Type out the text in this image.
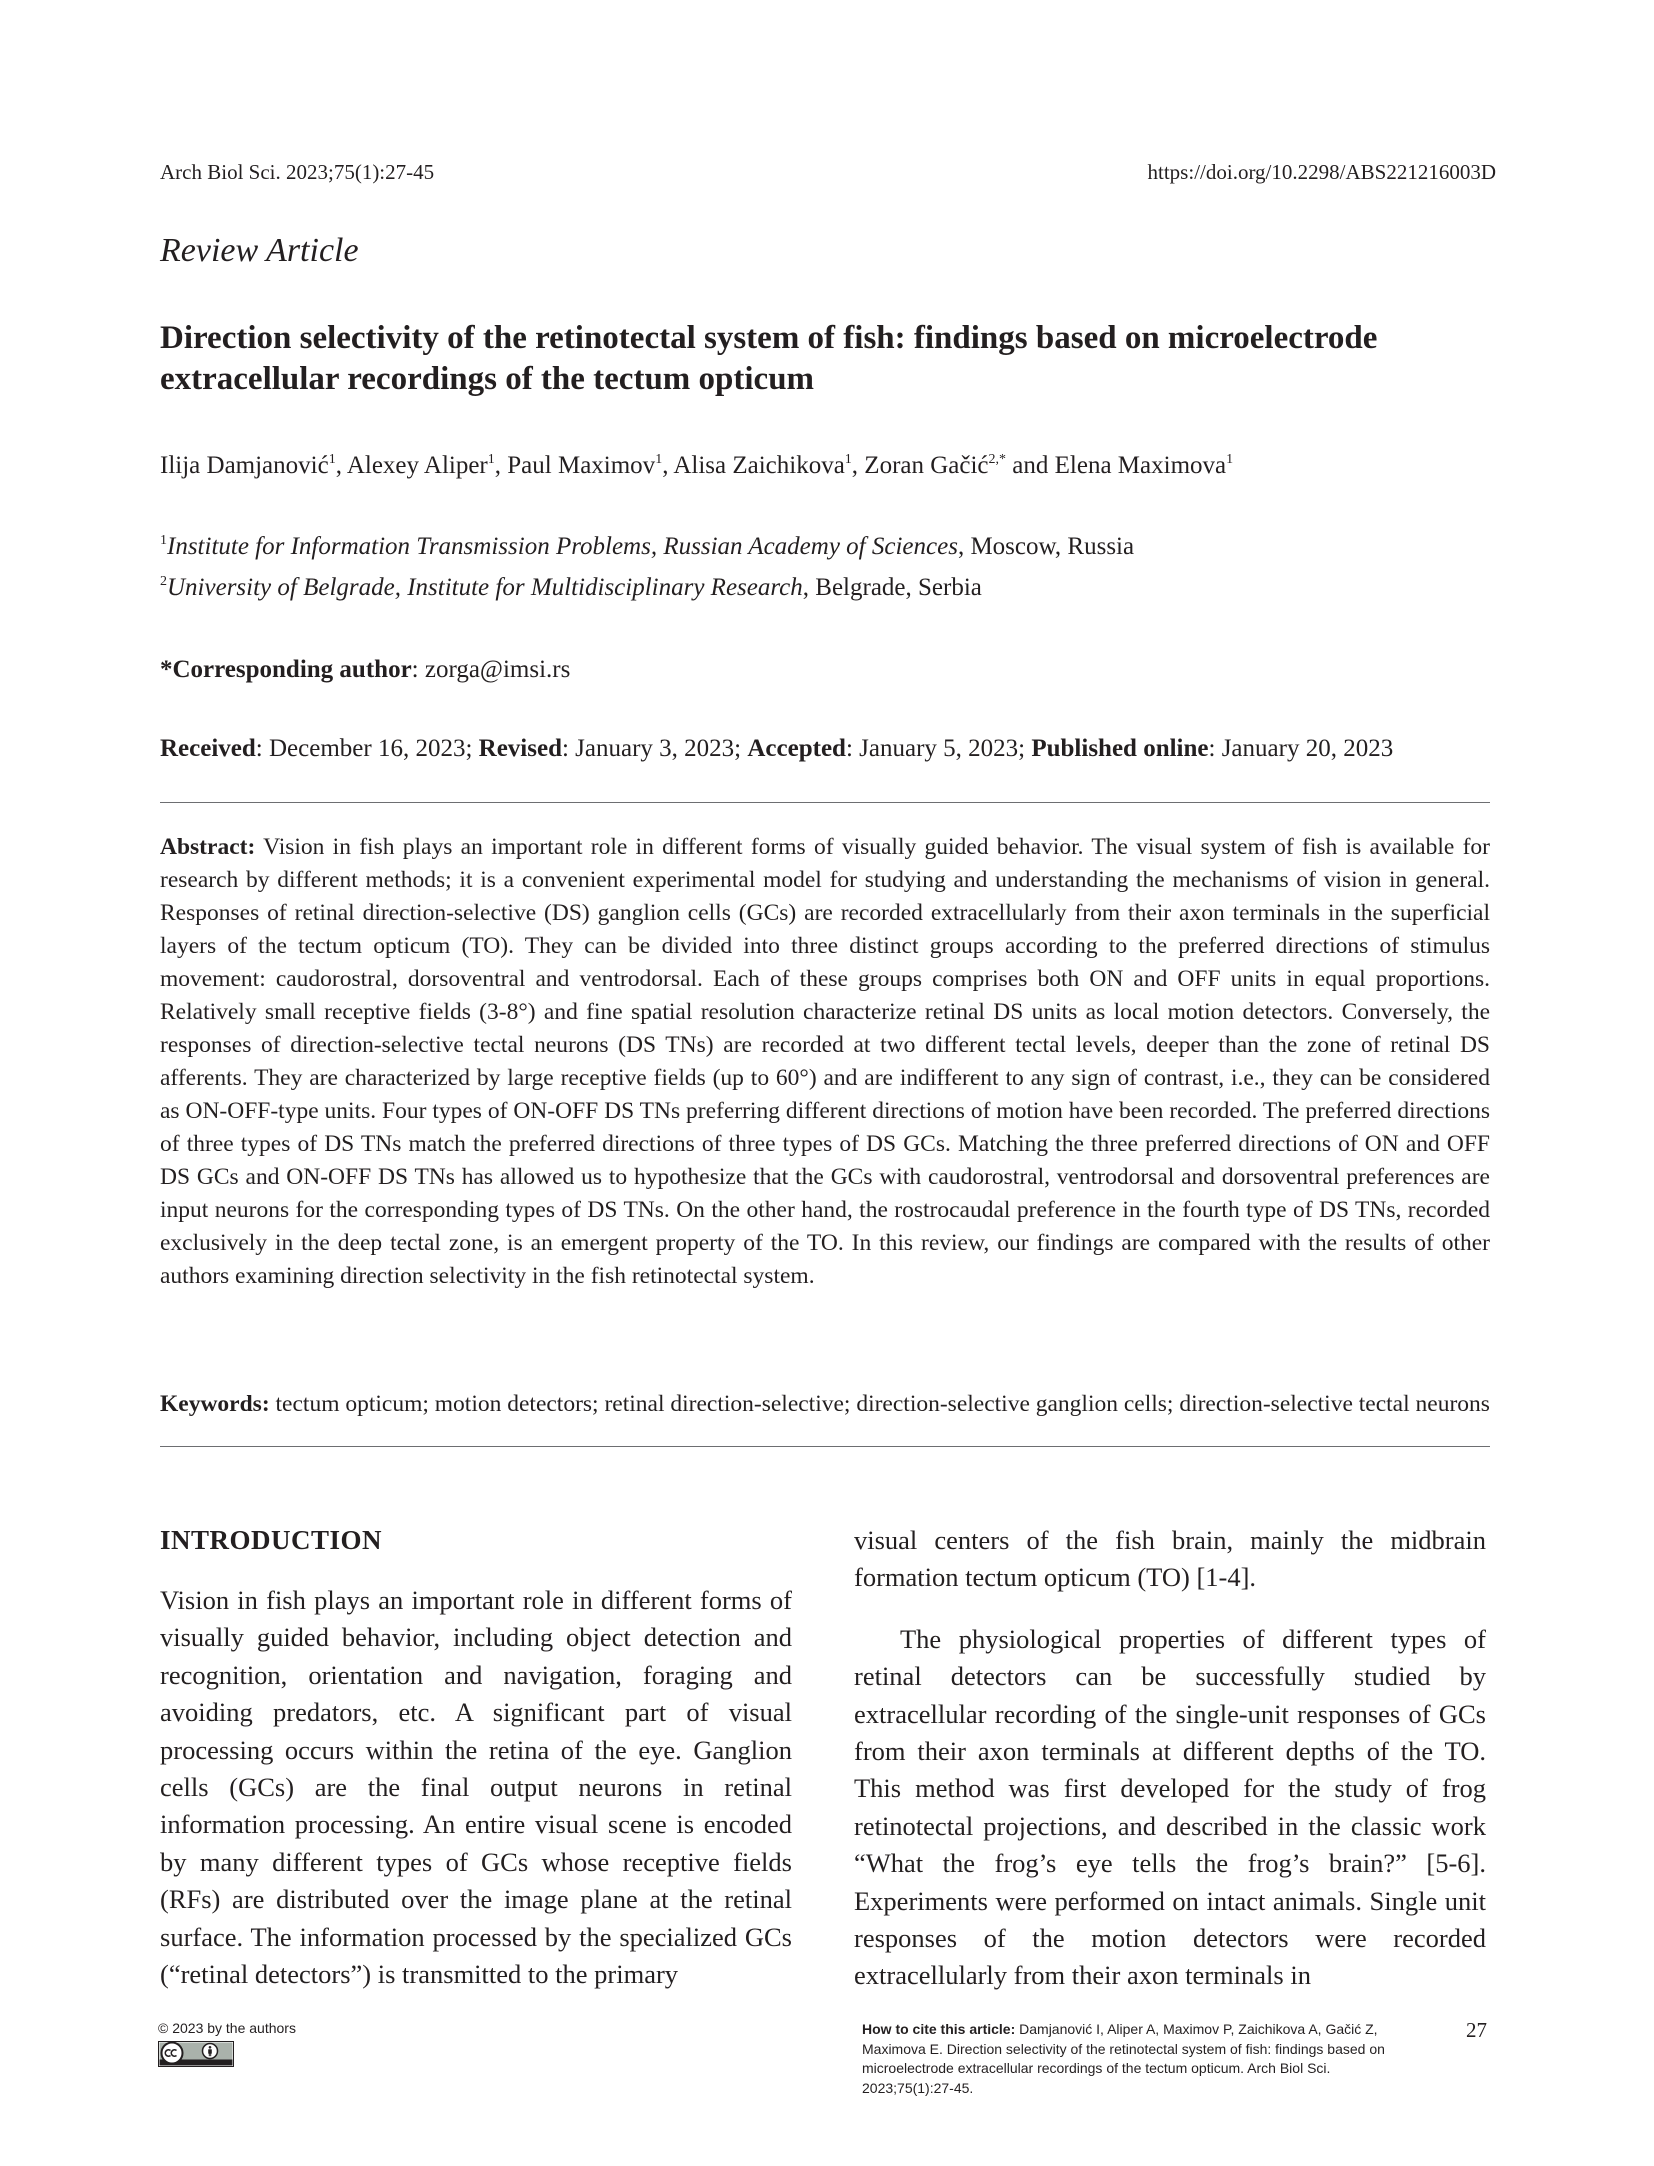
Arch Biol Sci. 2023;75(1):27-45	https://doi.org/10.2298/ABS221216003D
Review Article
Direction selectivity of the retinotectal system of fish: findings based on microelectrode extracellular recordings of the tectum opticum
Ilija Damjanović$^1$, Alexey Aliper$^1$, Paul Maximov$^1$, Alisa Zaichikova$^1$, Zoran Gačić$^{2,*}$ and Elena Maximova$^1$
$^1$Institute for Information Transmission Problems, Russian Academy of Sciences, Moscow, Russia
$^2$University of Belgrade, Institute for Multidisciplinary Research, Belgrade, Serbia
*Corresponding author: zorga@imsi.rs
Received: December 16, 2023; Revised: January 3, 2023; Accepted: January 5, 2023; Published online: January 20, 2023
Abstract: Vision in fish plays an important role in different forms of visually guided behavior. The visual system of fish is available for research by different methods; it is a convenient experimental model for studying and understanding the mechanisms of vision in general. Responses of retinal direction-selective (DS) ganglion cells (GCs) are recorded extracellularly from their axon terminals in the superficial layers of the tectum opticum (TO). They can be divided into three distinct groups according to the preferred directions of stimulus movement: caudorostral, dorsoventral and ventrodorsal. Each of these groups comprises both ON and OFF units in equal proportions. Relatively small receptive fields (3-8°) and fine spatial resolution characterize retinal DS units as local motion detectors. Conversely, the responses of direction-selective tectal neurons (DS TNs) are recorded at two different tectal levels, deeper than the zone of retinal DS afferents. They are characterized by large receptive fields (up to 60°) and are indifferent to any sign of contrast, i.e., they can be considered as ON-OFF-type units. Four types of ON-OFF DS TNs preferring different directions of motion have been recorded. The preferred directions of three types of DS TNs match the preferred directions of three types of DS GCs. Matching the three preferred directions of ON and OFF DS GCs and ON-OFF DS TNs has allowed us to hypothesize that the GCs with caudorostral, ventrodorsal and dorsoventral preferences are input neurons for the corresponding types of DS TNs. On the other hand, the rostrocaudal preference in the fourth type of DS TNs, recorded exclusively in the deep tectal zone, is an emergent property of the TO. In this review, our findings are compared with the results of other authors examining direction selectivity in the fish retinotectal system.
Keywords: tectum opticum; motion detectors; retinal direction-selective; direction-selective ganglion cells; direction-selective tectal neurons
INTRODUCTION

Vision in fish plays an important role in different forms of visually guided behavior, including object detection and recognition, orientation and navigation, foraging and avoiding predators, etc. A significant part of visual processing occurs within the retina of the eye. Ganglion cells (GCs) are the final output neurons in retinal information processing. An entire visual scene is encoded by many different types of GCs whose receptive fields (RFs) are distributed over the image plane at the retinal surface. The information processed by the specialized GCs (“retinal detectors”) is transmitted to the primary

visual centers of the fish brain, mainly the midbrain formation tectum opticum (TO) [1-4].

The physiological properties of different types of retinal detectors can be successfully studied by extracellular recording of the single-unit responses of GCs from their axon terminals at different depths of the TO. This method was first developed for the study of frog retinotectal projections, and described in the classic work “What the frog’s eye tells the frog’s brain?” [5-6]. Experiments were performed on intact animals. Single unit responses of the motion detectors were recorded extracellularly from their axon terminals in

© 2023 by the authors	How to cite this article: Damjanović I, Aliper A, Maximov P, Zaichikova A, Gačić Z, Maximova E. Direction selectivity of the retinotectal system of fish: findings based on microelectrode extracellular recordings of the tectum opticum. Arch Biol Sci. 2023;75(1):27-45.
27
